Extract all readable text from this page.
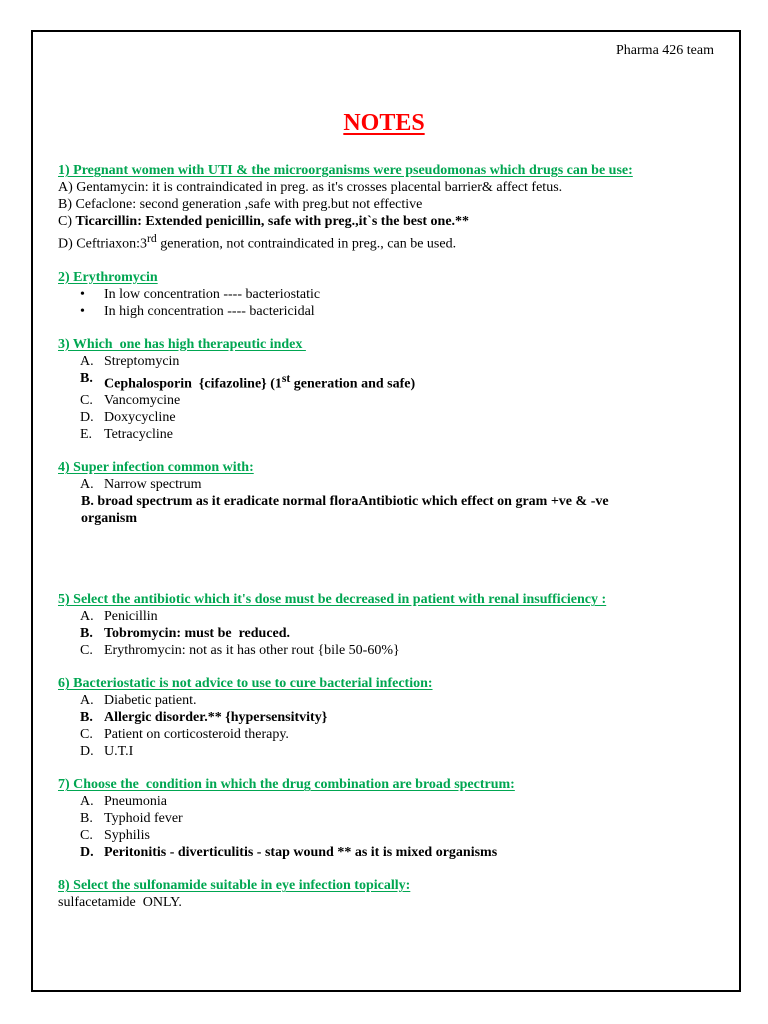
Pharma 426 team
NOTES
1) Pregnant women with UTI & the microorganisms were pseudomonas which drugs can be use:
A) Gentamycin: it is contraindicated in preg. as it's crosses placental barrier& affect fetus.
B) Cefaclone: second generation ,safe with preg.but not effective
C) Ticarcillin: Extended penicillin, safe with preg.,it`s the best one.**
D) Ceftriaxon:3rd generation, not contraindicated in preg., can be used.
2) Erythromycin
• In low concentration ---- bacteriostatic
• In high concentration ---- bactericidal
3) Which  one has high therapeutic index
A. Streptomycin
B. Cephalosporin  {cifazoline} (1st generation and safe)
C. Vancomycine
D. Doxycycline
E. Tetracycline
4) Super infection common with:
A. Narrow spectrum
B. broad spectrum as it eradicate normal floraAntibiotic which effect on gram +ve & -ve
organism
5) Select the antibiotic which it's dose must be decreased in patient with renal insufficiency :
A. Penicillin
B. Tobromycin: must be  reduced.
C. Erythromycin: not as it has other rout {bile 50-60%}
6) Bacteriostatic is not advice to use to cure bacterial infection:
A. Diabetic patient.
B. Allergic disorder.** {hypersensitvity}
C. Patient on corticosteroid therapy.
D. U.T.I
7) Choose the  condition in which the drug combination are broad spectrum:
A. Pneumonia
B. Typhoid fever
C. Syphilis
D. Peritonitis - diverticulitis - stap wound ** as it is mixed organisms
8) Select the sulfonamide suitable in eye infection topically:
sulfacetamide  ONLY.
